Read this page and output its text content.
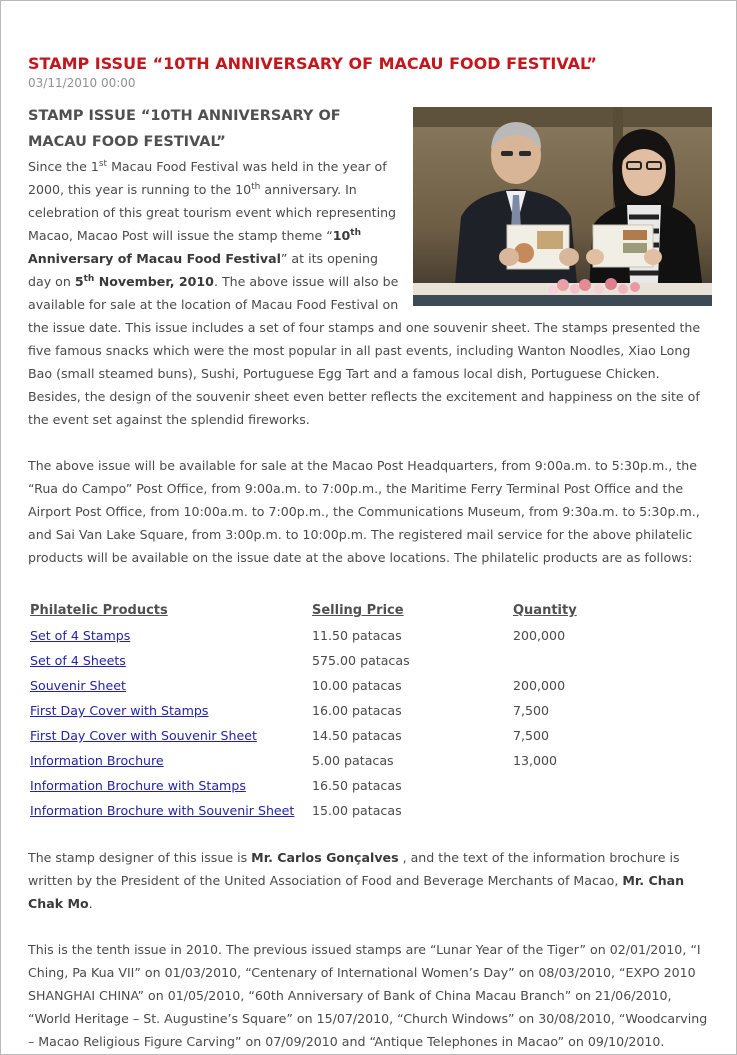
STAMP ISSUE “10TH ANNIVERSARY OF MACAU FOOD FESTIVAL”
03/11/2010 00:00
STAMP ISSUE “10TH ANNIVERSARY OF MACAU FOOD FESTIVAL”

Since the 1st Macau Food Festival was held in the year of 2000, this year is running to the 10th anniversary. In celebration of this great tourism event which representing Macao, Macao Post will issue the stamp theme “10th Anniversary of Macau Food Festival” at its opening day on 5th November, 2010. The above issue will also be available for sale at the location of Macau Food Festival on the issue date. This issue includes a set of four stamps and one souvenir sheet. The stamps presented the five famous snacks which were the most popular in all past events, including Wanton Noodles, Xiao Long Bao (small steamed buns), Sushi, Portuguese Egg Tart and a famous local dish, Portuguese Chicken. Besides, the design of the souvenir sheet even better reflects the excitement and happiness on the site of the event set against the splendid fireworks.

The above issue will be available for sale at the Macao Post Headquarters, from 9:00a.m. to 5:30p.m., the “Rua do Campo” Post Office, from 9:00a.m. to 7:00p.m., the Maritime Ferry Terminal Post Office and the Airport Post Office, from 10:00a.m. to 7:00p.m., the Communications Museum, from 9:30a.m. to 5:30p.m., and Sai Van Lake Square, from 3:00p.m. to 10:00p.m. The registered mail service for the above philatelic products will be available on the issue date at the above locations. The philatelic products are as follows:

Philatelic Products	Selling Price	Quantity
Set of 4 Stamps	11.50 patacas	200,000
Set of 4 Sheets	575.00 patacas	
Souvenir Sheet	10.00 patacas	200,000
First Day Cover with Stamps	16.00 patacas	7,500
First Day Cover with Souvenir Sheet	14.50 patacas	7,500
Information Brochure	5.00 patacas	13,000
Information Brochure with Stamps	16.50 patacas	
Information Brochure with Souvenir Sheet	15.00 patacas	

The stamp designer of this issue is Mr. Carlos Gonçalves , and the text of the information brochure is written by the President of the United Association of Food and Beverage Merchants of Macao, Mr. Chan Chak Mo.

This is the tenth issue in 2010. The previous issued stamps are “Lunar Year of the Tiger” on 02/01/2010, “I Ching, Pa Kua VII” on 01/03/2010, “Centenary of International Women’s Day” on 08/03/2010, “EXPO 2010 SHANGHAI CHINA” on 01/05/2010, “60th Anniversary of Bank of China Macau Branch” on 21/06/2010, “World Heritage – St. Augustine’s Square” on 15/07/2010, “Church Windows” on 30/08/2010, “Woodcarving – Macao Religious Figure Carving” on 07/09/2010 and “Antique Telephones in Macao” on 09/10/2010.
